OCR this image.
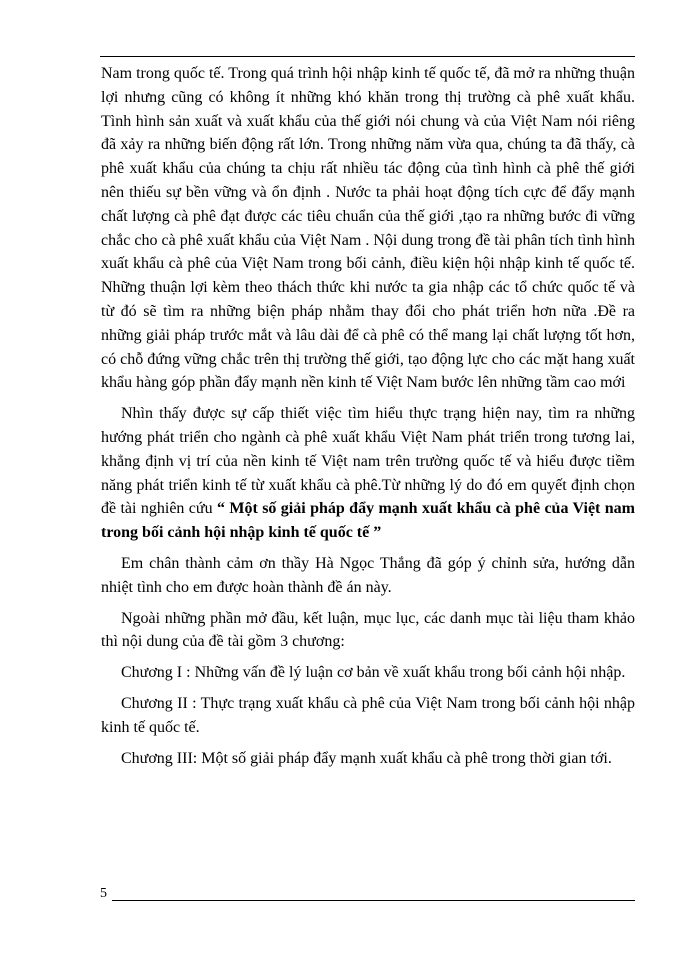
Nam trong quốc tế. Trong quá trình hội nhập kinh tế quốc tế, đã mở ra những thuận lợi nhưng cũng có không ít những khó khăn trong thị trường cà phê xuất khẩu. Tình hình sản xuất và xuất khẩu của thế giới nói chung và của Việt Nam nói riêng đã xảy ra những biến động rất lớn. Trong những năm vừa qua, chúng ta đã thấy, cà phê xuất khẩu của chúng ta chịu rất nhiều tác động của tình hình cà phê thế giới nên thiếu sự bền vững và ổn định . Nước ta phải hoạt động tích cực để đẩy mạnh chất lượng cà phê đạt được các tiêu chuẩn của thế giới ,tạo ra những bước đi vững chắc cho cà phê xuất khẩu của Việt Nam . Nội dung trong đề tài phân tích tình hình xuất khẩu cà phê của Việt Nam trong bối cảnh, điều kiện hội nhập kinh tế quốc tế. Những thuận lợi kèm theo thách thức khi nước ta gia nhập các tổ chức quốc tế và từ đó sẽ tìm ra những biện pháp nhằm thay đổi cho phát triển hơn nữa .Đề ra những giải pháp trước mắt và lâu dài để cà phê có thể mang lại chất lượng tốt hơn, có chỗ đứng vững chắc trên thị trường thế giới, tạo động lực cho các mặt hang xuất khẩu hàng góp phần đẩy mạnh nền kinh tế Việt Nam bước lên những tầm cao mới

Nhìn thấy được sự cấp thiết việc tìm hiểu thực trạng hiện nay, tìm ra những hướng phát triển cho ngành cà phê xuất khẩu Việt Nam phát triển trong tương lai, khẳng định vị trí của nền kinh tế Việt nam trên trường quốc tế và hiểu được tiềm năng phát triển kinh tế từ xuất khẩu cà phê.Từ những lý do đó em quyết định chọn đề tài nghiên cứu “ Một số giải pháp đẩy mạnh xuất khẩu cà phê của Việt nam trong bối cảnh hội nhập kinh tế quốc tế ”

Em chân thành cảm ơn thầy Hà Ngọc Thắng đã góp ý chỉnh sửa, hướng dẫn nhiệt tình cho em được hoàn thành đề án này.

Ngoài những phần mở đầu, kết luận, mục lục, các danh mục tài liệu tham khảo thì nội dung của đề tài gồm 3 chương:

Chương I : Những vấn đề lý luận cơ bản về xuất khẩu trong bối cảnh hội nhập.

Chương II : Thực trạng xuất khẩu cà phê của Việt Nam trong bối cảnh hội nhập kinh tế quốc tế.

Chương III: Một số giải pháp đẩy mạnh xuất khẩu cà phê trong thời gian tới.

5
